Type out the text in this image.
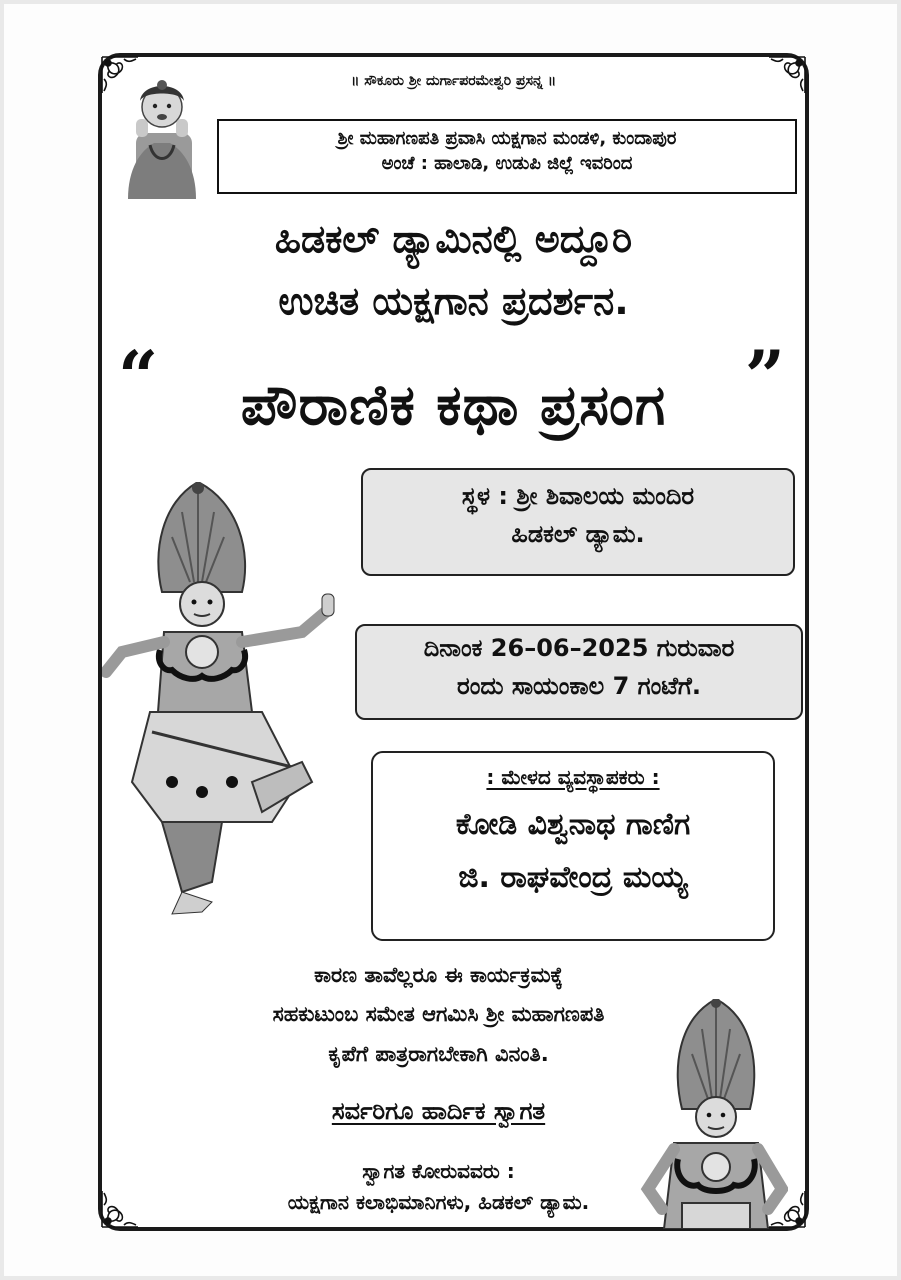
॥ ಸೌಕೂರು ಶ್ರೀ ದುರ್ಗಾಪರಮೇಶ್ವರಿ ಪ್ರಸನ್ನ ॥
ಶ್ರೀ ಮಹಾಗಣಪತಿ ಪ್ರವಾಸಿ ಯಕ್ಷಗಾನ ಮಂಡಳಿ, ಕುಂದಾಪುರ
ಅಂಚೆ : ಹಾಲಾಡಿ, ಉಡುಪಿ ಜಿಲ್ಲೆ ಇವರಿಂದ
ಹಿಡಕಲ್ ಡ್ಯಾಮಿನಲ್ಲಿ ಅದ್ದೂರಿ
ಉಚಿತ ಯಕ್ಷಗಾನ ಪ್ರದರ್ಶನ.
“	ಪೌರಾಣಿಕ ಕಥಾ ಪ್ರಸಂಗ	”
ಸ್ಥಳ : ಶ್ರೀ ಶಿವಾಲಯ ಮಂದಿರ
ಹಿಡಕಲ್ ಡ್ಯಾಮ.
ದಿನಾಂಕ 26–06–2025 ಗುರುವಾರ
ರಂದು ಸಾಯಂಕಾಲ 7 ಗಂಟೆಗೆ.
: ಮೇಳದ ವ್ಯವಸ್ಥಾಪಕರು :
ಕೋಡಿ ವಿಶ್ವನಾಥ ಗಾಣಿಗ
ಜಿ. ರಾಘವೇಂದ್ರ ಮಯ್ಯ
ಕಾರಣ ತಾವೆಲ್ಲರೂ ಈ ಕಾರ್ಯಕ್ರಮಕ್ಕೆ
ಸಹಕುಟುಂಬ ಸಮೇತ ಆಗಮಿಸಿ ಶ್ರೀ ಮಹಾಗಣಪತಿ
ಕೃಪೆಗೆ ಪಾತ್ರರಾಗಬೇಕಾಗಿ ವಿನಂತಿ.
ಸರ್ವರಿಗೂ ಹಾರ್ದಿಕ ಸ್ವಾಗತ
ಸ್ವಾಗತ ಕೋರುವವರು :
ಯಕ್ಷಗಾನ ಕಲಾಭಿಮಾನಿಗಳು, ಹಿಡಕಲ್ ಡ್ಯಾಮ.
